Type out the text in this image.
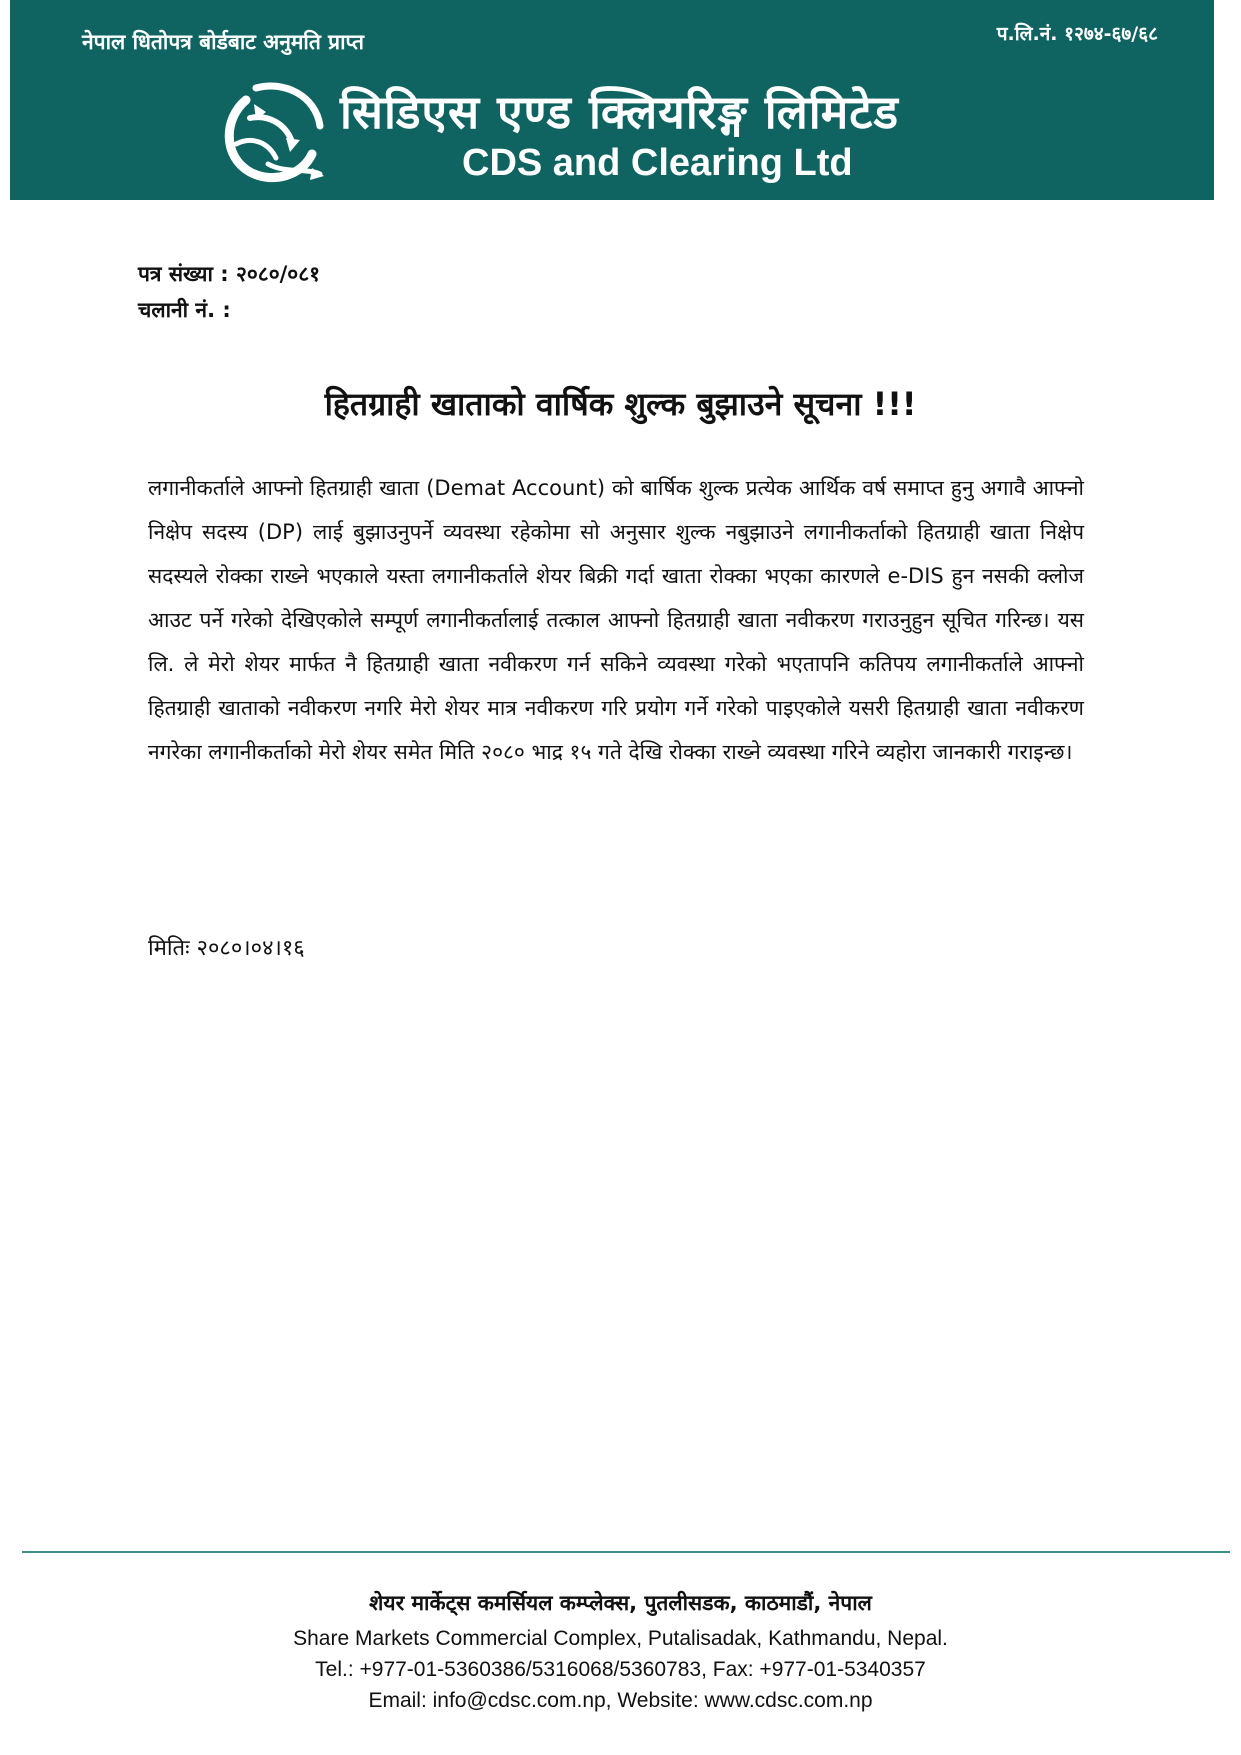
नेपाल धितोपत्र बोर्डबाट अनुमति प्राप्त	प.लि.नं. १२७४-६७/६८
सिडिएस एण्ड क्लियरिङ्ग लिमिटेड
CDS and Clearing Ltd
पत्र संख्या : २०८०/०८१
चलानी नं. :
हितग्राही खाताको वार्षिक शुल्क बुझाउने सूचना !!!
लगानीकर्ताले आफ्नो हितग्राही खाता (Demat Account) को बार्षिक शुल्क प्रत्येक आर्थिक वर्ष समाप्त हुनु अगावै आफ्नो निक्षेप सदस्य (DP) लाई बुझाउनुपर्ने व्यवस्था रहेकोमा सो अनुसार शुल्क नबुझाउने लगानीकर्ताको हितग्राही खाता निक्षेप सदस्यले रोक्का राख्ने भएकाले यस्ता लगानीकर्ताले शेयर बिक्री गर्दा खाता रोक्का भएका कारणले e-DIS हुन नसकी क्लोज आउट पर्ने गरेको देखिएकोले सम्पूर्ण लगानीकर्तालाई तत्काल आफ्नो हितग्राही खाता नवीकरण गराउनुहुन सूचित गरिन्छ। यस लि. ले मेरो शेयर मार्फत नै हितग्राही खाता नवीकरण गर्न सकिने व्यवस्था गरेको भएतापनि कतिपय लगानीकर्ताले आफ्नो हितग्राही खाताको नवीकरण नगरि मेरो शेयर मात्र नवीकरण गरि प्रयोग गर्ने गरेको पाइएकोले यसरी हितग्राही खाता नवीकरण नगरेका लगानीकर्ताको मेरो शेयर समेत मिति २०८० भाद्र १५ गते देखि रोक्का राख्ने व्यवस्था गरिने व्यहोरा जानकारी गराइन्छ।
मितिः २०८०।०४।१६
शेयर मार्केट्स कमर्सियल कम्प्लेक्स, पुतलीसडक, काठमाडौं, नेपाल
Share Markets Commercial Complex, Putalisadak, Kathmandu, Nepal.
Tel.: +977-01-5360386/5316068/5360783, Fax: +977-01-5340357
Email: info@cdsc.com.np, Website: www.cdsc.com.np
